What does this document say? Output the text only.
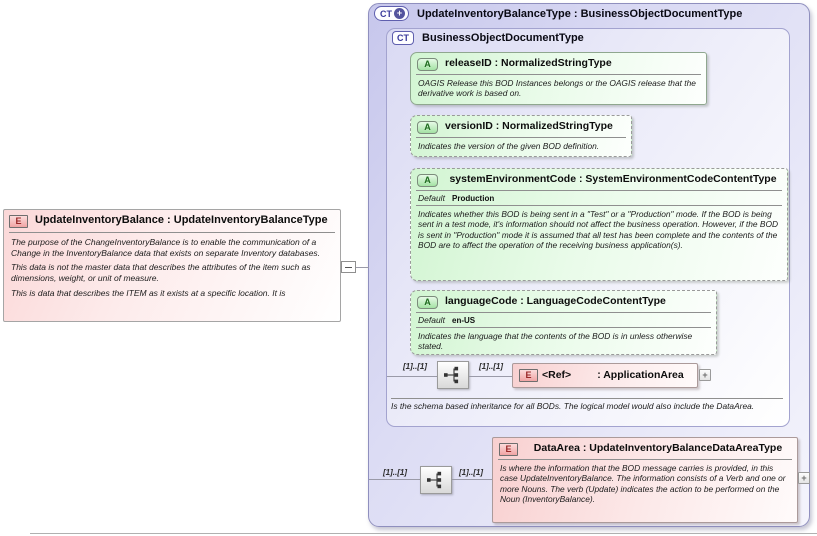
CT + UpdateInventoryBalanceType : BusinessObjectDocumentType
CT BusinessObjectDocumentType
A	releaseID : NormalizedStringType
OAGIS Release this BOD Instances belongs or the OAGIS release that the derivative work is based on.
A	versionID : NormalizedStringType
Indicates the version of the given BOD definition.
A	systemEnvironmentCode : SystemEnvironmentCodeContentType
Default Production
Indicates whether this BOD is being sent in a "Test" or a "Production" mode. If the BOD is being sent in a test mode, it's information should not affect the business operation. However, if the BOD is sent in "Production" mode it is assumed that all test has been complete and the contents of the BOD are to affect the operation of the receiving business application(s).
A	languageCode : LanguageCodeContentType
Default en-US
Indicates the language that the contents of the BOD is in unless otherwise stated.
[1]..[1]	[1]..[1]
E	<Ref> : ApplicationArea	+
Is the schema based inheritance for all BODs. The logical model would also include the DataArea.
[1]..[1]	[1]..[1]
E	DataArea : UpdateInventoryBalanceDataAreaType
Is where the information that the BOD message carries is provided, in this case UpdateInventoryBalance. The information consists of a Verb and one or more Nouns. The verb (Update) indicates the action to be performed on the Noun (InventoryBalance).
+
E	UpdateInventoryBalance : UpdateInventoryBalanceType
The purpose of the ChangeInventoryBalance is to enable the communication of a Change in the InventoryBalance data that exists on separate Inventory databases.
This data is not the master data that describes the attributes of the item such as dimensions, weight, or unit of measure.
This is data that describes the ITEM as it exists at a specific location. It is
